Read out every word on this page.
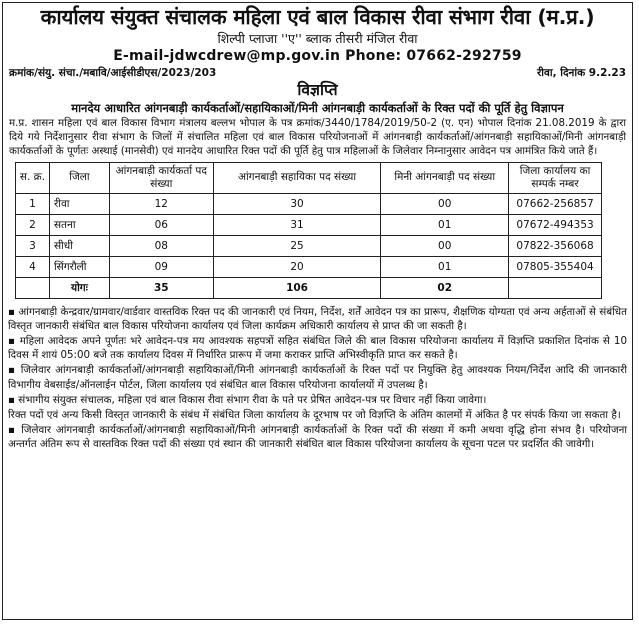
कार्यालय संयुक्त संचालक महिला एवं बाल विकास रीवा संभाग रीवा (म.प्र.)
शिल्पी प्लाजा ''ए'' ब्लाक तीसरी मंजिल रीवा
E-mail-jdwcdrew@mp.gov.in Phone: 07662-292759
क्रमांक/संयु. संचा./मबावि/आईसीडीएस/2023/203	रीवा, दिनांक 9.2.23
विज्ञप्ति
मानदेय आधारित आंगनबाड़ी कार्यकर्ताओं/सहायिकाओं/मिनी आंगनबाड़ी कार्यकर्ताओं के रिक्त पदों की पूर्ति हेतु विज्ञापन
म.प्र. शासन महिला एवं बाल विकास विभाग मंत्रालय बल्लभ भोपाल के पत्र क्रमांक/3440/1784/2019/50-2 (ए. एन) भोपाल दिनांक 21.08.2019 के द्वारा दिये गये निर्देशानुसार रीवा संभाग के जिलों में संचालित महिला एवं बाल विकास परियोजनाओं में आंगनबाड़ी कार्यकर्ताओं/आंगनबाड़ी सहायिकाओं/मिनी आंगनबाड़ी कार्यकर्ताओं के पूर्णतः अस्थाई (मानसेवी) एवं मानदेय आधारित रिक्त पदों की पूर्ति हेतु पात्र महिलाओं के जिलेवार निम्नानुसार आवेदन पत्र आमंत्रित किये जाते हैं।
स. क्र.	जिला	आंगनबाड़ी कार्यकर्ता पद संख्या	आंगनबाड़ी सहायिका पद संख्या	मिनी आंगनबाड़ी पद संख्या	जिला कार्यालय का सम्पर्क नम्बर
1	रीवा	12	30	00	07662-256857
2	सतना	06	31	01	07672-494353
3	सीधी	08	25	00	07822-356068
4	सिंगरौली	09	20	01	07805-355404
	योगः	35	106	02	

▪ आंगनबाड़ी केन्द्रवार/ग्रामवार/वार्डवार वास्तविक रिक्त पद की जानकारी एवं नियम, निर्देश, शर्तें आवेदन पत्र का प्रारूप, शैक्षणिक योग्यता एवं अन्य अर्हताओं से संबंधित विस्तृत जानकारी संबंधित बाल विकास परियोजना कार्यालय एवं जिला कार्यक्रम अधिकारी कार्यालय से प्राप्त की जा सकती है।

▪ महिला आवेदक अपने पूर्णतः भरे आवेदन-पत्र मय आवश्यक सहपत्रों सहित संबंधित जिले की बाल विकास परियोजना कार्यालय में विज्ञप्ति प्रकाशित दिनांक से 10 दिवस में शायं 05:00 बजे तक कार्यालय दिवस में निर्धारित प्रारूप में जमा कराकर प्राप्ति अभिस्वीकृति प्राप्त कर सकते है।

▪ जिलेवार आंगनबाड़ी कार्यकर्ताओं/आंगनबाड़ी सहायिकाओं/मिनी आंगनबाड़ी कार्यकर्ताओं के रिक्त पदों पर नियुक्ति हेतु आवश्यक नियम/निर्देश आदि की जानकारी विभागीय वेबसाईड/ऑनलाईन पोर्टल, जिला कार्यालय एवं संबंधित बाल विकास परियोजना कार्यालयों में उपलब्ध है।

▪ संभागीय संयुक्त संचालक, महिला एवं बाल विकास रीवा संभाग रीवा के पते पर प्रेषित आवेदन-पत्र पर विचार नहीं किया जावेगा।

रिक्त पदों एवं अन्य किसी विस्तृत जानकारी के संबंध में संबंधित जिला कार्यालय के दूरभाष पर जो विज्ञप्ति के अंतिम कालमों में अंकित है पर संपर्क किया जा सकता है।

▪ जिलेवार आंगनबाड़ी कार्यकर्ताओं/आंगनबाड़ी सहायिकाओं/मिनी आंगनबाड़ी कार्यकर्ताओं के रिक्त पदों की संख्या में कमी अथवा वृद्धि होना संभव है। परियोजना अन्तर्गत अंतिम रूप से वास्तविक रिक्त पदों की संख्या एवं स्थान की जानकारी संबंधित बाल विकास परियोजना कार्यालय के सूचना पटल पर प्रदर्शित की जावेगी।
